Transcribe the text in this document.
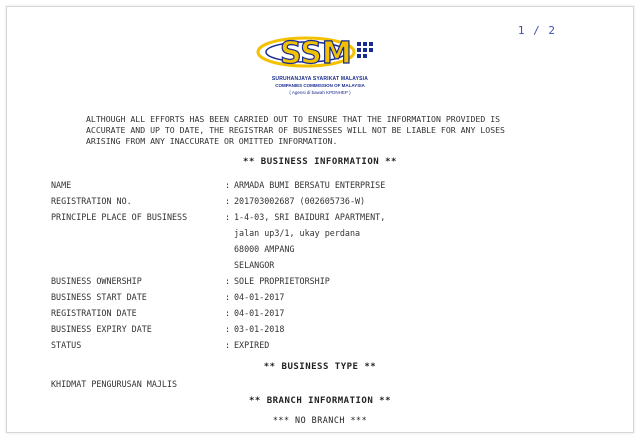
1 / 2
SSM
SURUHANJAYA SYARIKAT MALAYSIA
COMPANIES COMMISSION OF MALAYSIA
( Agensi di bawah KPDNHEP )
ALTHOUGH ALL EFFORTS HAS BEEN CARRIED OUT TO ENSURE THAT THE INFORMATION PROVIDED IS
ACCURATE AND UP TO DATE, THE REGISTRAR OF BUSINESSES WILL NOT BE LIABLE FOR ANY LOSES
ARISING FROM ANY INACCURATE OR OMITTED INFORMATION.
** BUSINESS INFORMATION **
NAME	: ARMADA BUMI BERSATU ENTERPRISE
REGISTRATION NO.	: 201703002687 (002605736-W)
PRINCIPLE PLACE OF BUSINESS	: 1-4-03, SRI BAIDURI APARTMENT,
jalan up3/1, ukay perdana
68000 AMPANG
SELANGOR
BUSINESS OWNERSHIP	: SOLE PROPRIETORSHIP
BUSINESS START DATE	: 04-01-2017
REGISTRATION DATE	: 04-01-2017
BUSINESS EXPIRY DATE	: 03-01-2018
STATUS	: EXPIRED
** BUSINESS TYPE **
KHIDMAT PENGURUSAN MAJLIS
** BRANCH INFORMATION **
*** NO BRANCH ***
